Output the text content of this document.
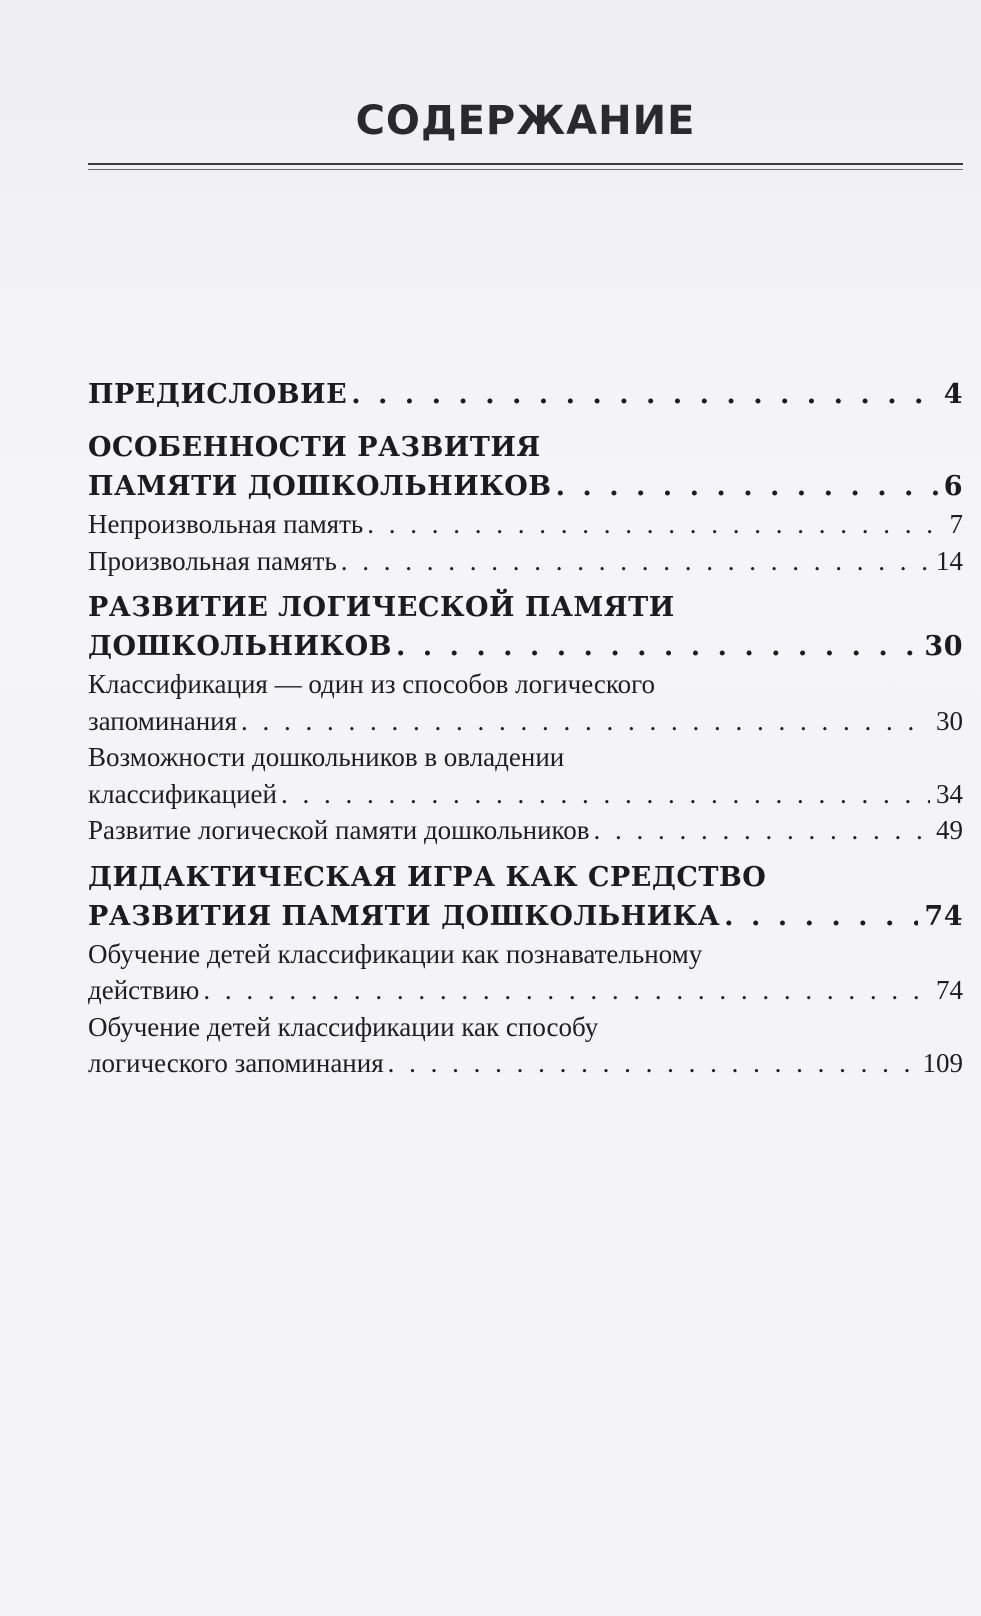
СОДЕРЖАНИЕ
ПРЕДИСЛОВИЕ . . .	4
ОСОБЕННОСТИ РАЗВИТИЯ
ПАМЯТИ ДОШКОЛЬНИКОВ . . .	6
Непроизвольная память . . .	7
Произвольная память . . .	14
РАЗВИТИЕ ЛОГИЧЕСКОЙ ПАМЯТИ
ДОШКОЛЬНИКОВ . . .	30
Классификация — один из способов логического
запоминания . . .	30
Возможности дошкольников в овладении
классификацией . . .	34
Развитие логической памяти дошкольников . . .	49
ДИДАКТИЧЕСКАЯ ИГРА КАК СРЕДСТВО
РАЗВИТИЯ ПАМЯТИ ДОШКОЛЬНИКА . . .	74
Обучение детей классификации как познавательному
действию . . .	74
Обучение детей классификации как способу
логического запоминания . . .	109
